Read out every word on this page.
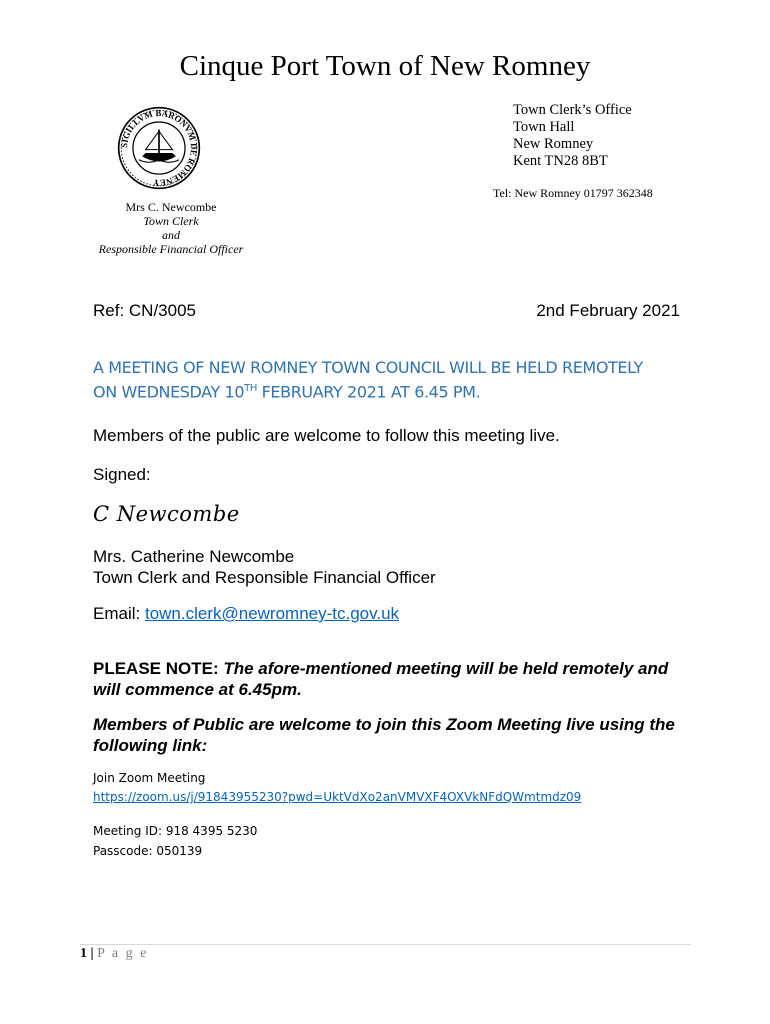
Cinque Port Town of New Romney
SIGILLVM BARONVM DE ROMENEY
Town Clerk’s Office
Town Hall
New Romney
Kent TN28 8BT
Tel: New Romney 01797 362348
Mrs C. Newcombe
Town Clerk
and
Responsible Financial Officer
Ref: CN/3005	2nd February 2021
A MEETING OF NEW ROMNEY TOWN COUNCIL WILL BE HELD REMOTELY
ON WEDNESDAY 10TH FEBRUARY 2021 AT 6.45 PM.
Members of the public are welcome to follow this meeting live.
Signed:
C Newcombe
Mrs. Catherine Newcombe
Town Clerk and Responsible Financial Officer
Email: town.clerk@newromney-tc.gov.uk
PLEASE NOTE: The afore-mentioned meeting will be held remotely and will commence at 6.45pm.
Members of Public are welcome to join this Zoom Meeting live using the following link:
Join Zoom Meeting
https://zoom.us/j/91843955230?pwd=UktVdXo2anVMVXF4OXVkNFdQWmtmdz09
Meeting ID: 918 4395 5230
Passcode: 050139
1 | P a g e
